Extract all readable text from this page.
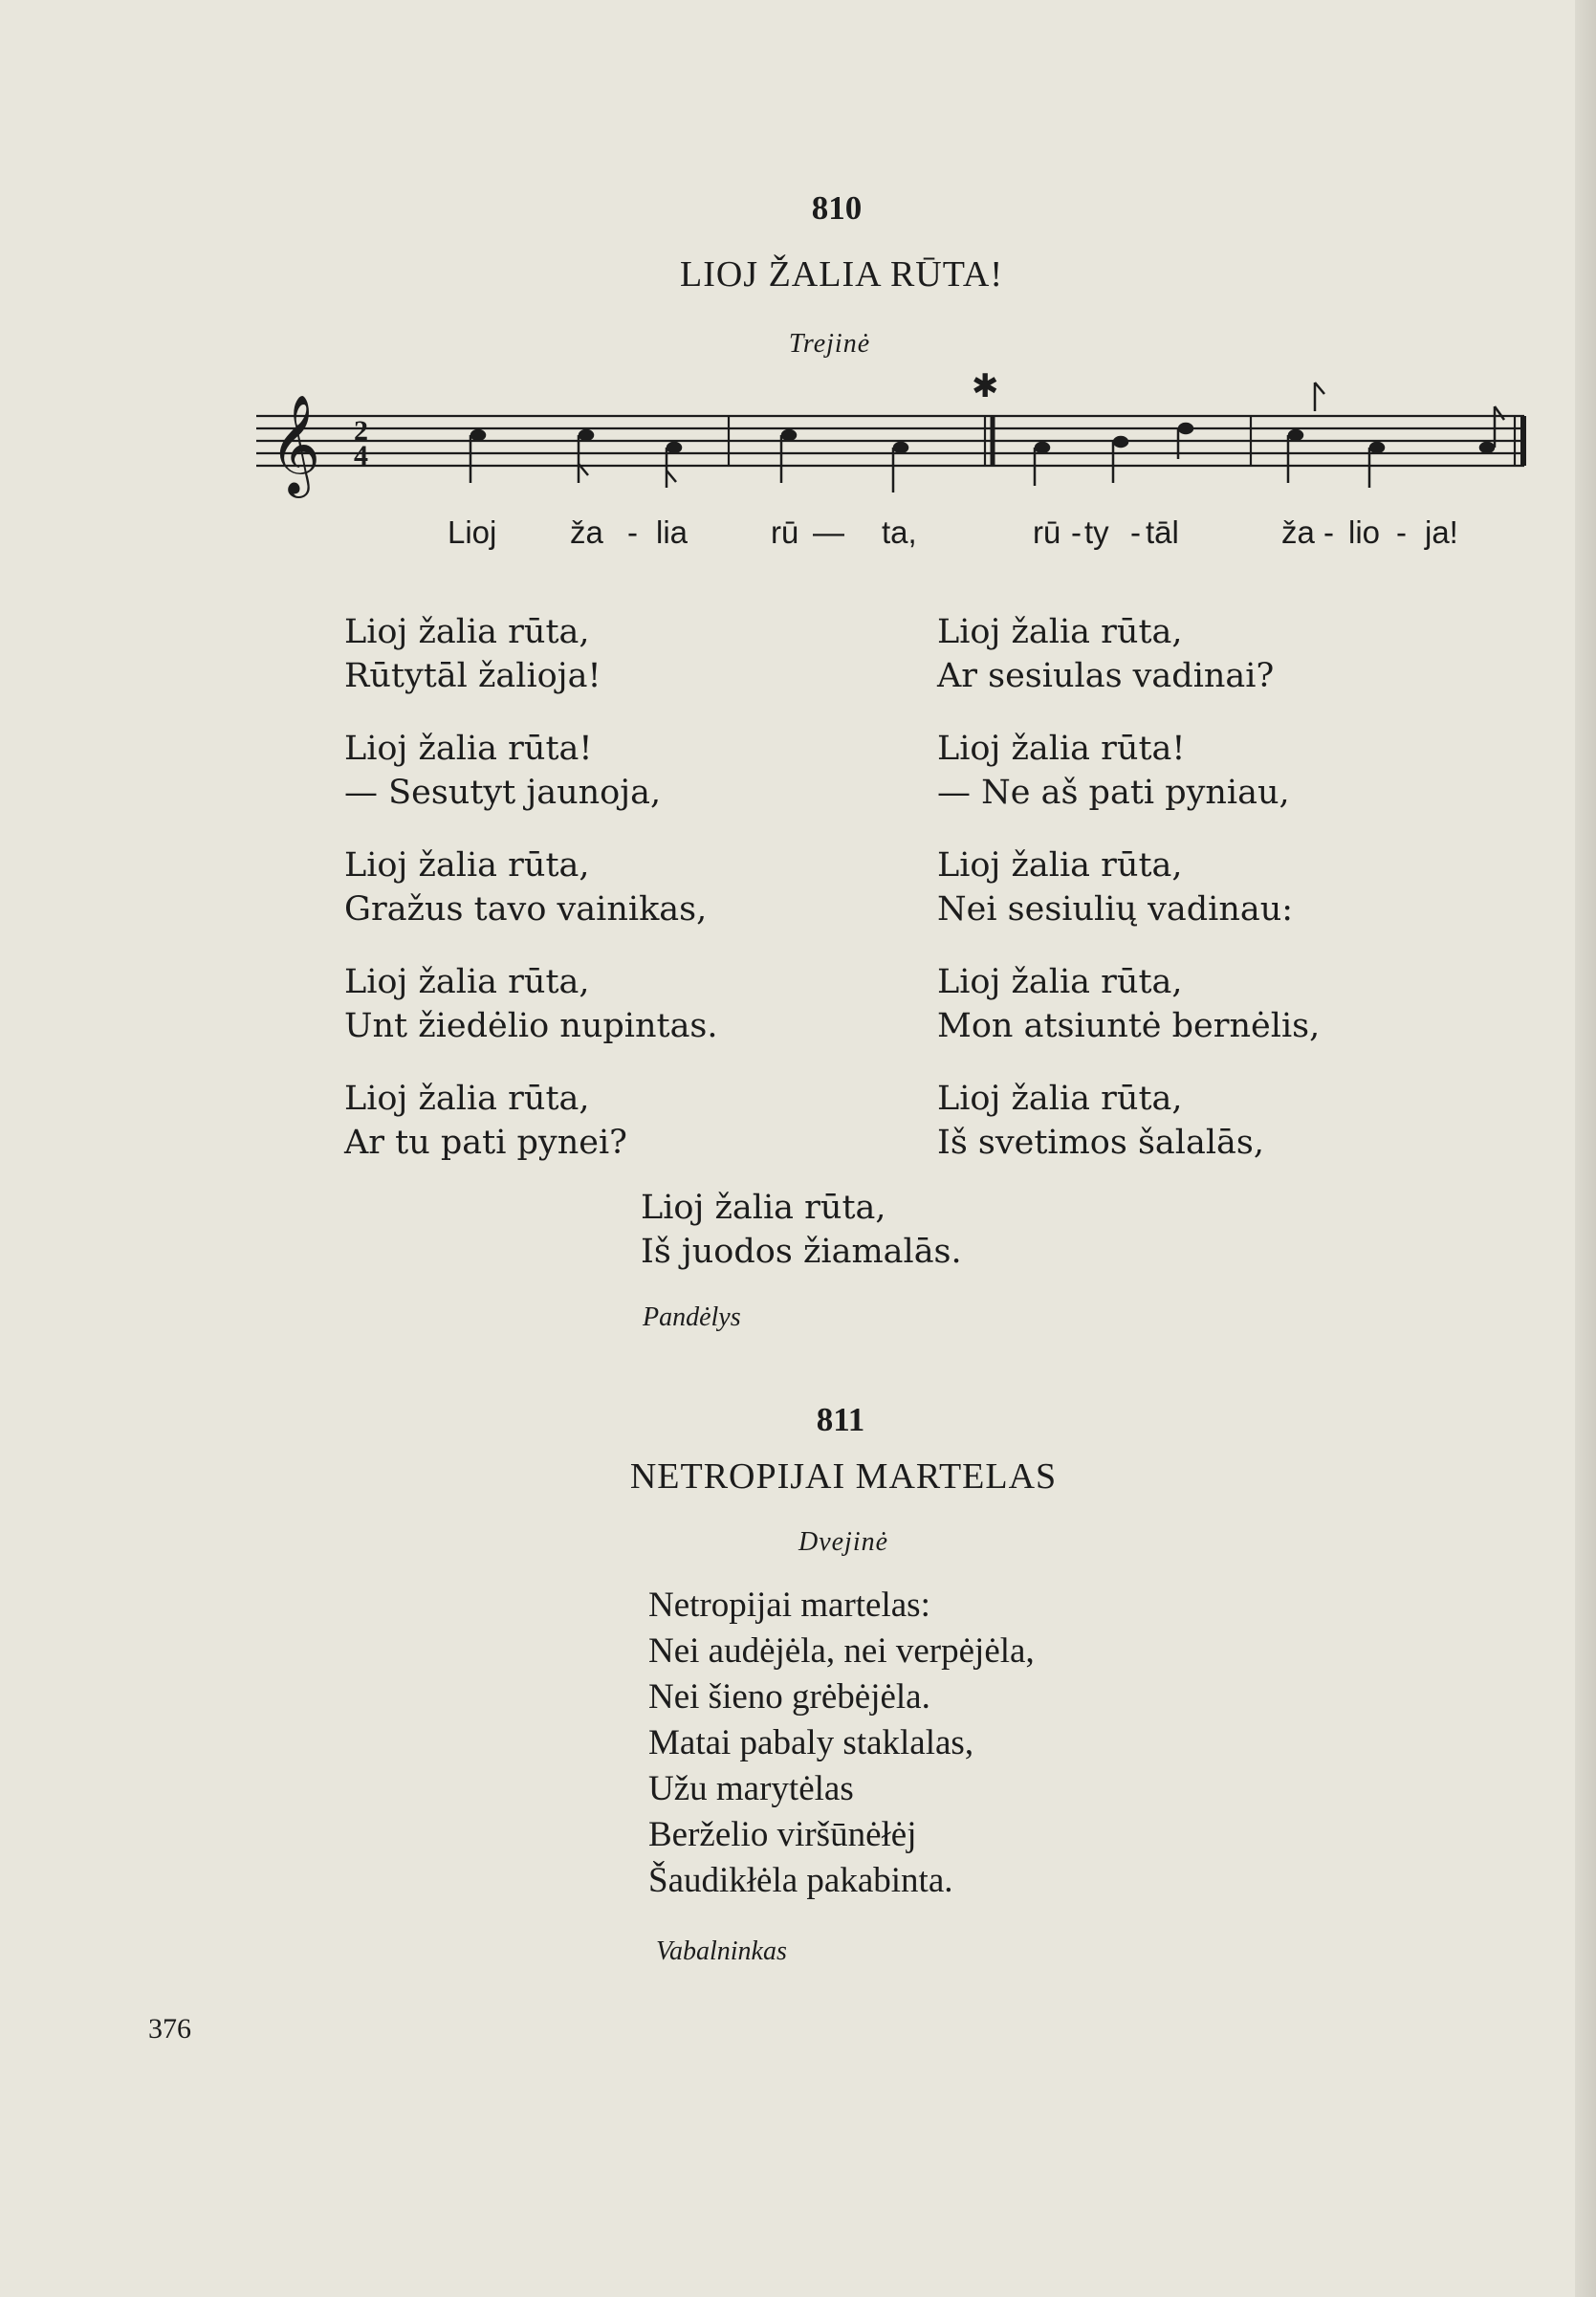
810
LIOJ ŽALIA RŪTA!
Trejinė
𝄞 2
4
✱
Lioj ža - lia	rū — ta,	rū - ty - tāl	ža - lio - ja!
Lioj žalia rūta,
Rūtytāl žalioja!
Lioj žalia rūta!
— Sesutyt jaunoja,
Lioj žalia rūta,
Gražus tavo vainikas,
Lioj žalia rūta,
Unt žiedėlio nupintas.
Lioj žalia rūta,
Ar tu pati pynei?
Lioj žalia rūta,
Ar sesiulas vadinai?
Lioj žalia rūta!
— Ne aš pati pyniau,
Lioj žalia rūta,
Nei sesiulių vadinau:
Lioj žalia rūta,
Mon atsiuntė bernėlis,
Lioj žalia rūta,
Iš svetimos šalalās,
Lioj žalia rūta,
Iš juodos žiamalās.
Pandėlys
811
NETROPIJAI MARTELAS
Dvejinė
Netropijai martelas:
Nei audėjėla, nei verpėjėla,
Nei šieno grėbėjėla.
Matai pabaly staklalas,
Užu marytėlas
Berželio viršūnėłėj
Šaudikłėla pakabinta.
Vabalninkas
376
